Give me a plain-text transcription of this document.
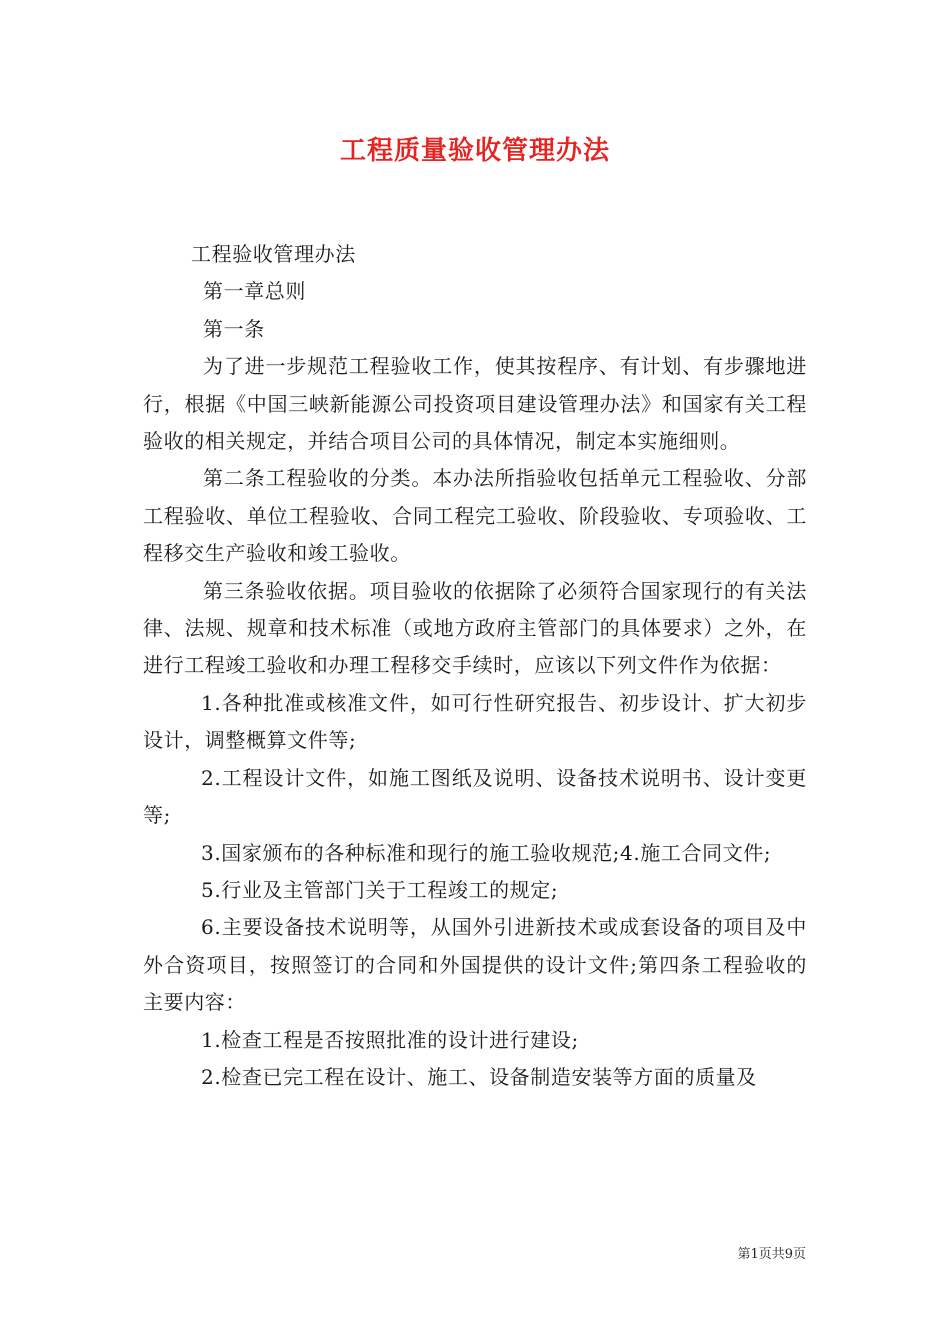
工程质量验收管理办法

工程验收管理办法

第一章总则

第一条

为了进一步规范工程验收工作，使其按程序、有计划、有步骤地进行，根据《中国三峡新能源公司投资项目建设管理办法》和国家有关工程验收的相关规定，并结合项目公司的具体情况，制定本实施细则。

第二条工程验收的分类。本办法所指验收包括单元工程验收、分部工程验收、单位工程验收、合同工程完工验收、阶段验收、专项验收、工程移交生产验收和竣工验收。

第三条验收依据。项目验收的依据除了必须符合国家现行的有关法律、法规、规章和技术标准（或地方政府主管部门的具体要求）之外，在进行工程竣工验收和办理工程移交手续时，应该以下列文件作为依据：

1.各种批准或核准文件，如可行性研究报告、初步设计、扩大初步设计，调整概算文件等;

2.工程设计文件，如施工图纸及说明、设备技术说明书、设计变更等;

3.国家颁布的各种标准和现行的施工验收规范;4.施工合同文件;

5.行业及主管部门关于工程竣工的规定;

6.主要设备技术说明等，从国外引进新技术或成套设备的项目及中外合资项目，按照签订的合同和外国提供的设计文件;第四条工程验收的主要内容：

1.检查工程是否按照批准的设计进行建设;

2.检查已完工程在设计、施工、设备制造安装等方面的质量及

第1页共9页
